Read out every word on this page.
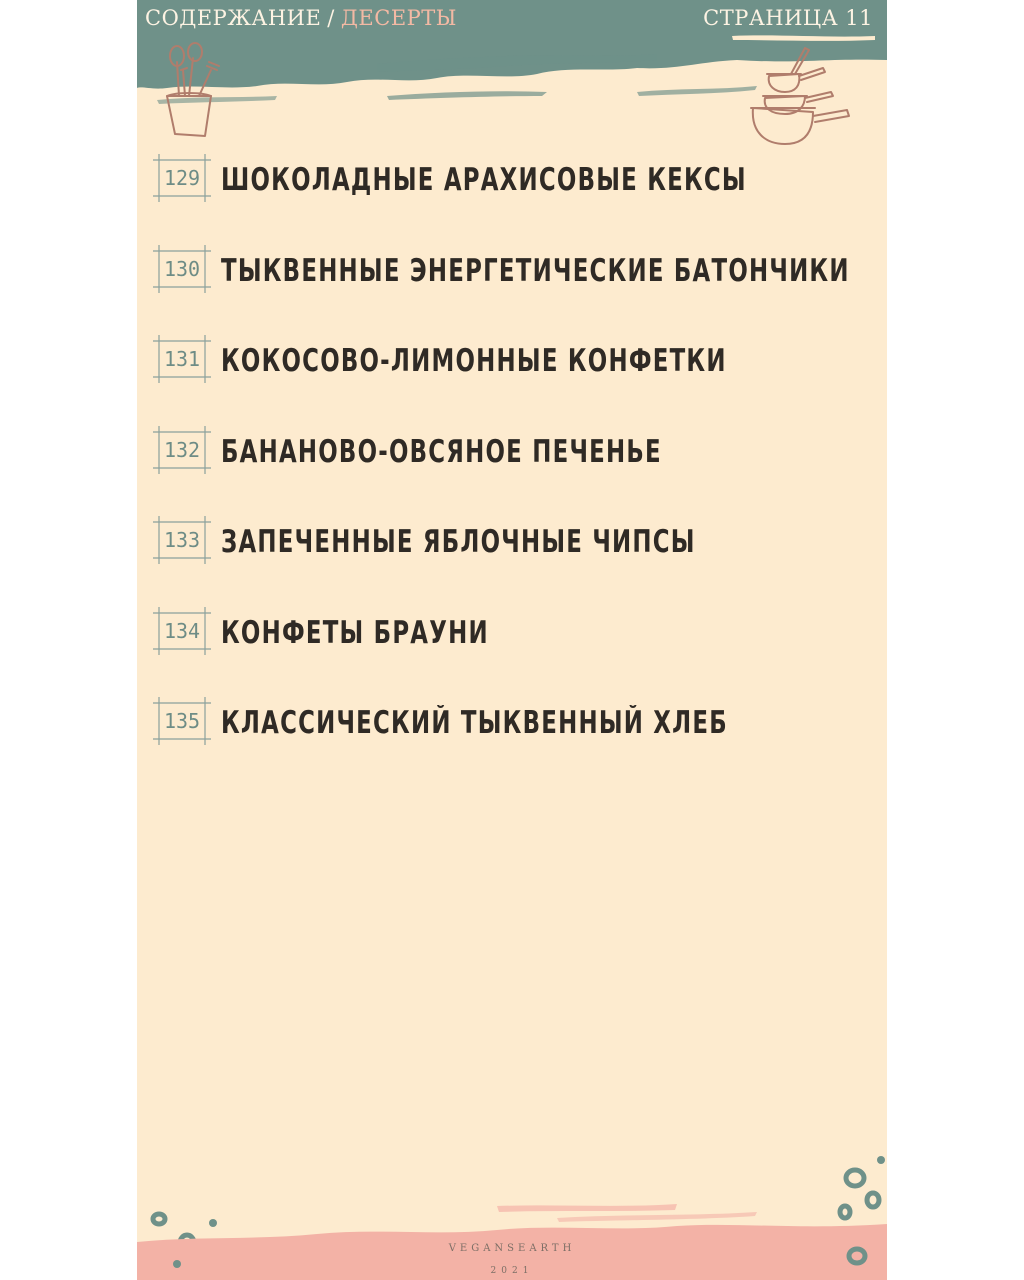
СОДЕРЖАНИЕ / ДЕСЕРТЫ	СТРАНИЦА 11
129 ШОКОЛАДНЫЕ АРАХИСОВЫЕ КЕКСЫ
130 ТЫКВЕННЫЕ ЭНЕРГЕТИЧЕСКИЕ БАТОНЧИКИ
131 КОКОСОВО-ЛИМОННЫЕ КОНФЕТКИ
132 БАНАНОВО-ОВСЯНОЕ ПЕЧЕНЬЕ
133 ЗАПЕЧЕННЫЕ ЯБЛОЧНЫЕ ЧИПСЫ
134 КОНФЕТЫ БРАУНИ
135 КЛАССИЧЕСКИЙ ТЫКВЕННЫЙ ХЛЕБ
VEGANSEARTH
2021
